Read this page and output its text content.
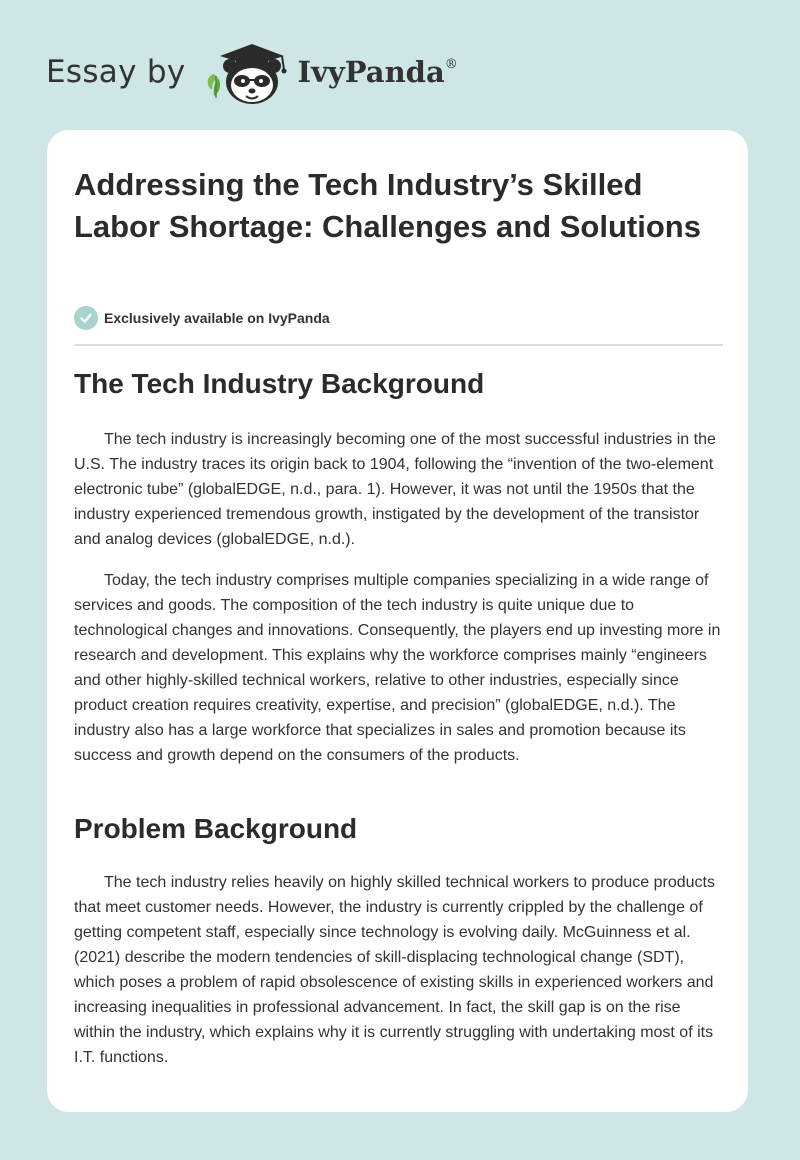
Essay by	IvyPanda®
Addressing the Tech Industry’s Skilled Labor Shortage: Challenges and Solutions
Exclusively available on IvyPanda
The Tech Industry Background

The tech industry is increasingly becoming one of the most successful industries in the U.S. The industry traces its origin back to 1904, following the “invention of the two-element electronic tube” (globalEDGE, n.d., para. 1). However, it was not until the 1950s that the industry experienced tremendous growth, instigated by the development of the transistor and analog devices (globalEDGE, n.d.).

Today, the tech industry comprises multiple companies specializing in a wide range of services and goods. The composition of the tech industry is quite unique due to technological changes and innovations. Consequently, the players end up investing more in research and development. This explains why the workforce comprises mainly “engineers and other highly-skilled technical workers, relative to other industries, especially since product creation requires creativity, expertise, and precision” (globalEDGE, n.d.). The industry also has a large workforce that specializes in sales and promotion because its success and growth depend on the consumers of the products.

Problem Background

The tech industry relies heavily on highly skilled technical workers to produce products that meet customer needs. However, the industry is currently crippled by the challenge of getting competent staff, especially since technology is evolving daily. McGuinness et al. (2021) describe the modern tendencies of skill-displacing technological change (SDT), which poses a problem of rapid obsolescence of existing skills in experienced workers and increasing inequalities in professional advancement. In fact, the skill gap is on the rise within the industry, which explains why it is currently struggling with undertaking most of its I.T. functions.
